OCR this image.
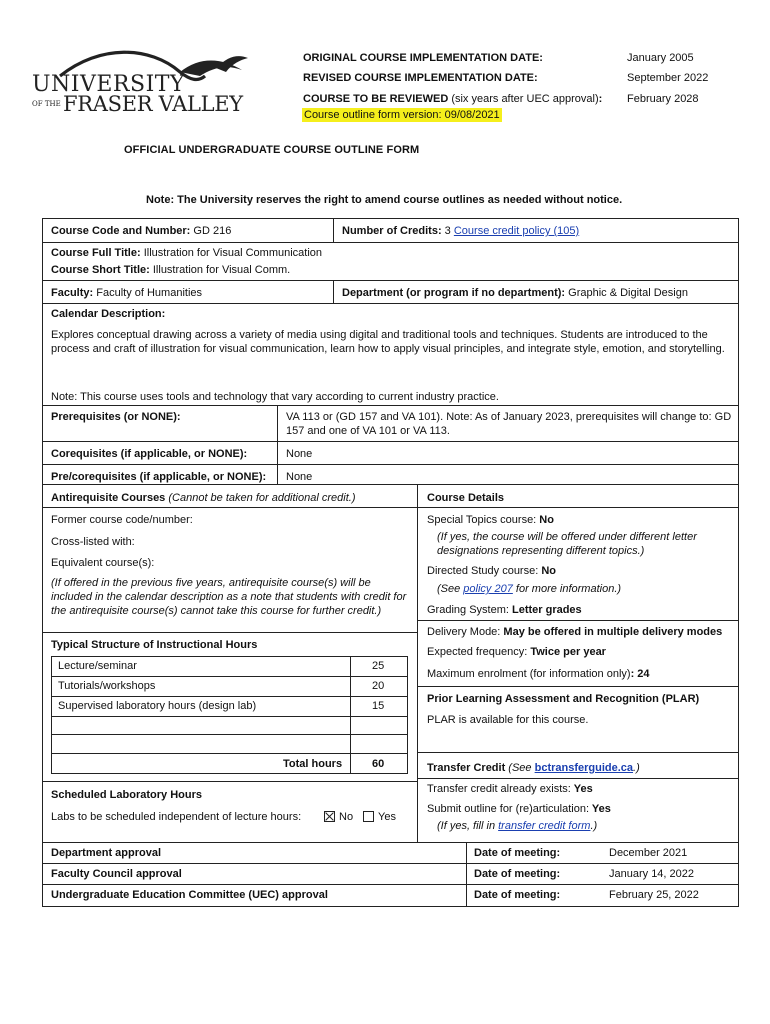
UNIVERSITY
OF THE FRASER VALLEY
ORIGINAL COURSE IMPLEMENTATION DATE:	January 2005
REVISED COURSE IMPLEMENTATION DATE:	September 2022
COURSE TO BE REVIEWED (six years after UEC approval): February 2028
Course outline form version: 09/08/2021
OFFICIAL UNDERGRADUATE COURSE OUTLINE FORM
Note: The University reserves the right to amend course outlines as needed without notice.
Course Code and Number: GD 216	Number of Credits: 3 Course credit policy (105)
Course Full Title: Illustration for Visual Communication
Course Short Title: Illustration for Visual Comm.
Faculty: Faculty of Humanities	Department (or program if no department): Graphic & Digital Design
Calendar Description:
Explores conceptual drawing across a variety of media using digital and traditional tools and techniques. Students are introduced to the process and craft of illustration for visual communication, learn how to apply visual principles, and integrate style, emotion, and storytelling.
Note: This course uses tools and technology that vary according to current industry practice.
Prerequisites (or NONE):	VA 113 or (GD 157 and VA 101). Note: As of January 2023, prerequisites will change to: GD 157 and one of VA 101 or VA 113.
Corequisites (if applicable, or NONE):	None
Pre/corequisites (if applicable, or NONE): None
Antirequisite Courses (Cannot be taken for additional credit.)
Former course code/number:
Cross-listed with:
Equivalent course(s):
(If offered in the previous five years, antirequisite course(s) will be included in the calendar description as a note that students with credit for the antirequisite course(s) cannot take this course for further credit.)
Typical Structure of Instructional Hours
Lecture/seminar	25
Tutorials/workshops	20
Supervised laboratory hours (design lab)	15
Total hours	60
Scheduled Laboratory Hours
Labs to be scheduled independent of lecture hours:	No	Yes
Course Details
Special Topics course: No
(If yes, the course will be offered under different letter designations representing different topics.)
Directed Study course: No
(See policy 207 for more information.)
Grading System: Letter grades
Delivery Mode: May be offered in multiple delivery modes
Expected frequency: Twice per year
Maximum enrolment (for information only): 24
Prior Learning Assessment and Recognition (PLAR)
PLAR is available for this course.
Transfer Credit (See bctransferguide.ca.)
Transfer credit already exists: Yes
Submit outline for (re)articulation: Yes
(If yes, fill in transfer credit form.)
Department approval	Date of meeting:	December 2021
Faculty Council approval	Date of meeting:	January 14, 2022
Undergraduate Education Committee (UEC) approval	Date of meeting:	February 25, 2022
